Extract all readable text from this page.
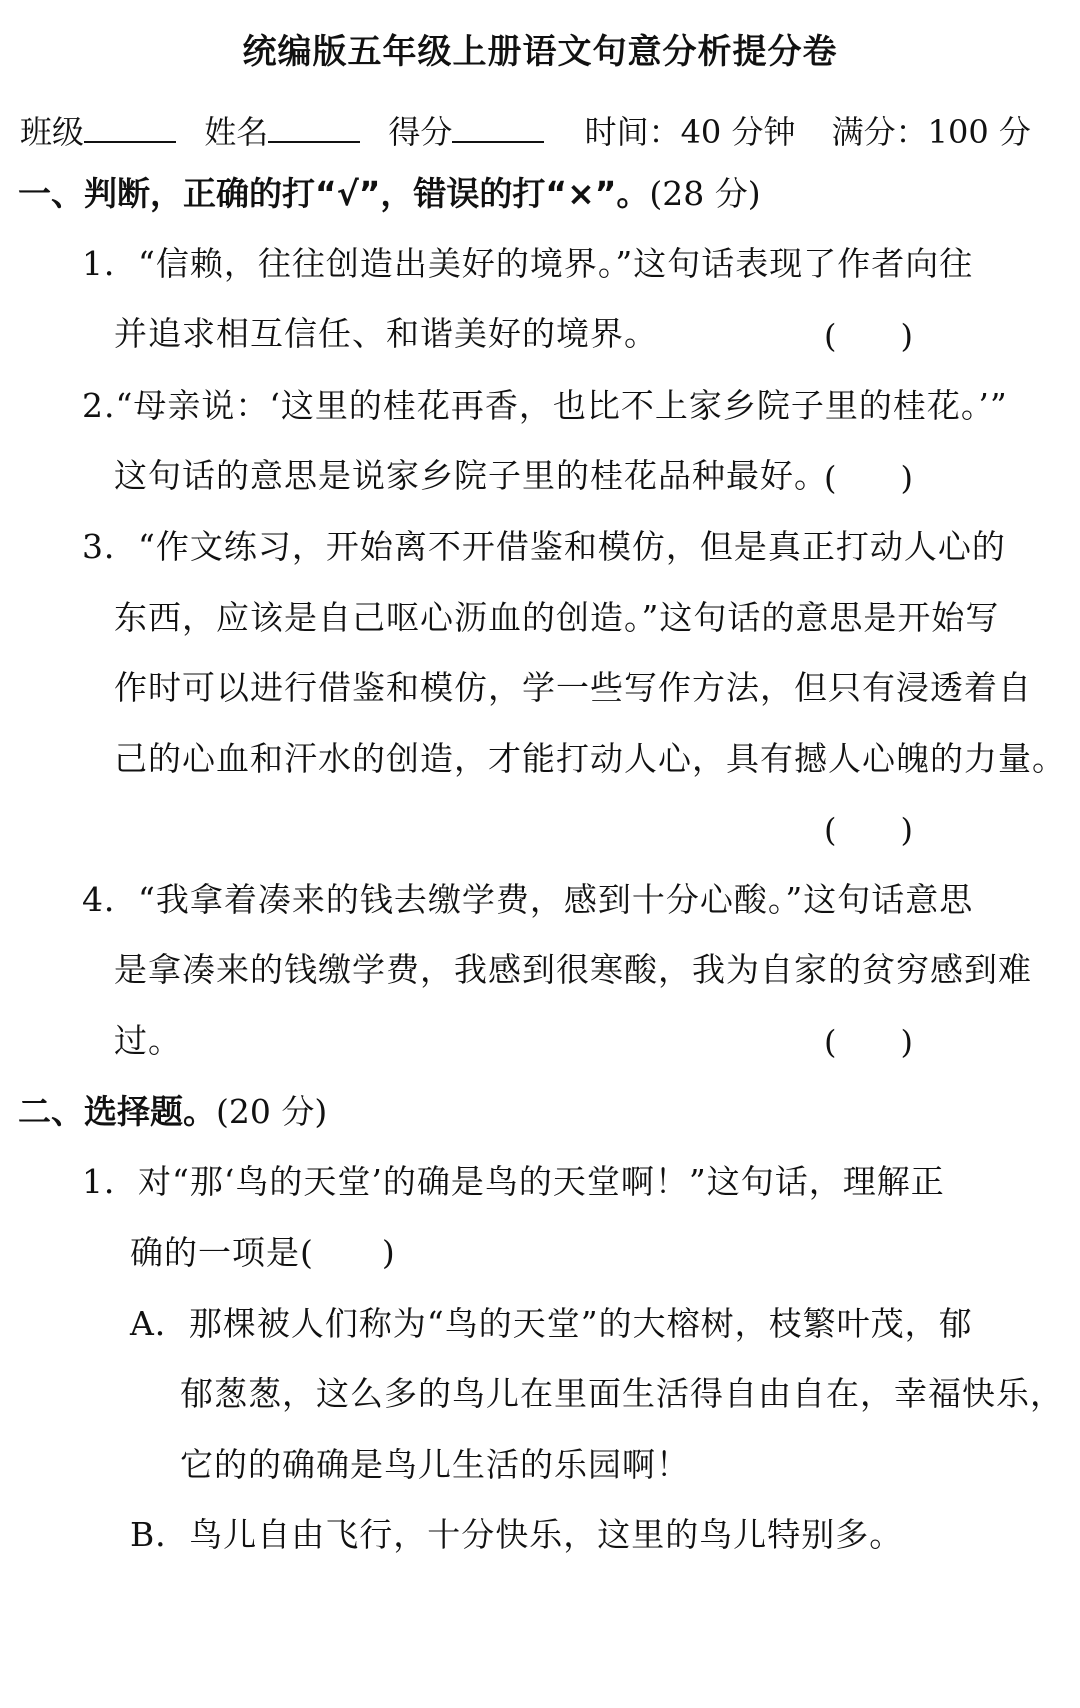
统编版五年级上册语文句意分析提分卷
班级	姓名	得分	时间：40 分钟 满分：100 分
一、判断，正确的打“√”，错误的打“×”。(28 分)
1．“信赖，往往创造出美好的境界。”这句话表现了作者向往
并追求相互信任、和谐美好的境界。	(　　)
2.“母亲说：‘这里的桂花再香，也比不上家乡院子里的桂花。’”
这句话的意思是说家乡院子里的桂花品种最好。
(　　)
3．“作文练习，开始离不开借鉴和模仿，但是真正打动人心的
东西，应该是自己呕心沥血的创造。”这句话的意思是开始写
作时可以进行借鉴和模仿，学一些写作方法，但只有浸透着自
己的心血和汗水的创造，才能打动人心，具有撼人心魄的力量。
(　　)
4．“我拿着凑来的钱去缴学费，感到十分心酸。”这句话意思
是拿凑来的钱缴学费，我感到很寒酸，我为自家的贫穷感到难
过。	(　　)
二、选择题。(20 分)
1．对“那‘鸟的天堂’的确是鸟的天堂啊！”这句话，理解正
确的一项是(　　)
A．那棵被人们称为“鸟的天堂”的大榕树，枝繁叶茂，郁
郁葱葱，这么多的鸟儿在里面生活得自由自在，幸福快乐，
它的的确确是鸟儿生活的乐园啊！
B．鸟儿自由飞行，十分快乐，这里的鸟儿特别多。
